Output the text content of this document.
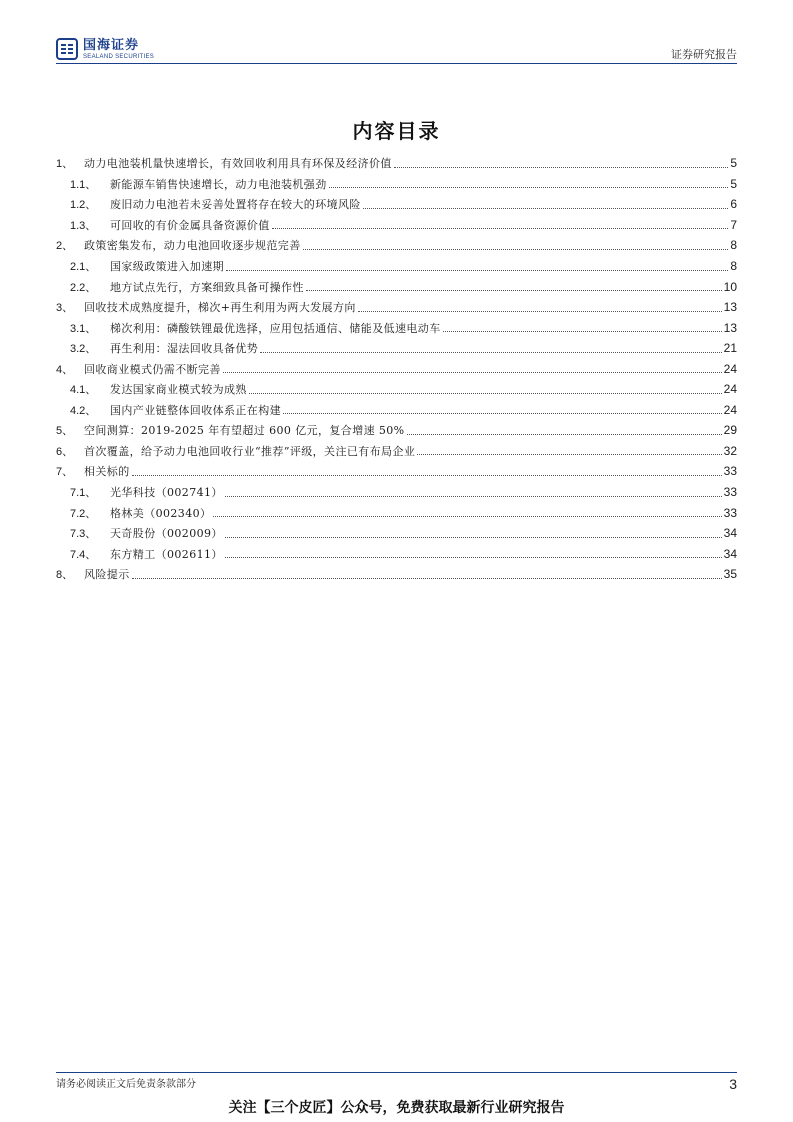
国海证券
SEALAND SECURITIES	证券研究报告
内容目录
1、 动力电池装机量快速增长，有效回收利用具有环保及经济价值	5
1.1、	新能源车销售快速增长，动力电池装机强劲	5
1.2、	废旧动力电池若未妥善处置将存在较大的环境风险	6
1.3、	可回收的有价金属具备资源价值	7
2、 政策密集发布，动力电池回收逐步规范完善	8
2.1、	国家级政策进入加速期	8
2.2、	地方试点先行，方案细致具备可操作性	10
3、 回收技术成熟度提升，梯次+再生利用为两大发展方向	13
3.1、	梯次利用：磷酸铁锂最优选择，应用包括通信、储能及低速电动车	13
3.2、	再生利用：湿法回收具备优势	21
4、 回收商业模式仍需不断完善	24
4.1、	发达国家商业模式较为成熟	24
4.2、	国内产业链整体回收体系正在构建	24
5、 空间测算：2019-2025 年有望超过 600 亿元，复合增速 50%	29
6、 首次覆盖，给予动力电池回收行业“推荐”评级，关注已有布局企业	32
7、 相关标的	33
7.1、	光华科技（002741）	33
7.2、	格林美（002340）	33
7.3、	天奇股份（002009）	34
7.4、	东方精工（002611）	34
8、 风险提示	35
请务必阅读正文后免责条款部分	3
关注【三个皮匠】公众号，免费获取最新行业研究报告
